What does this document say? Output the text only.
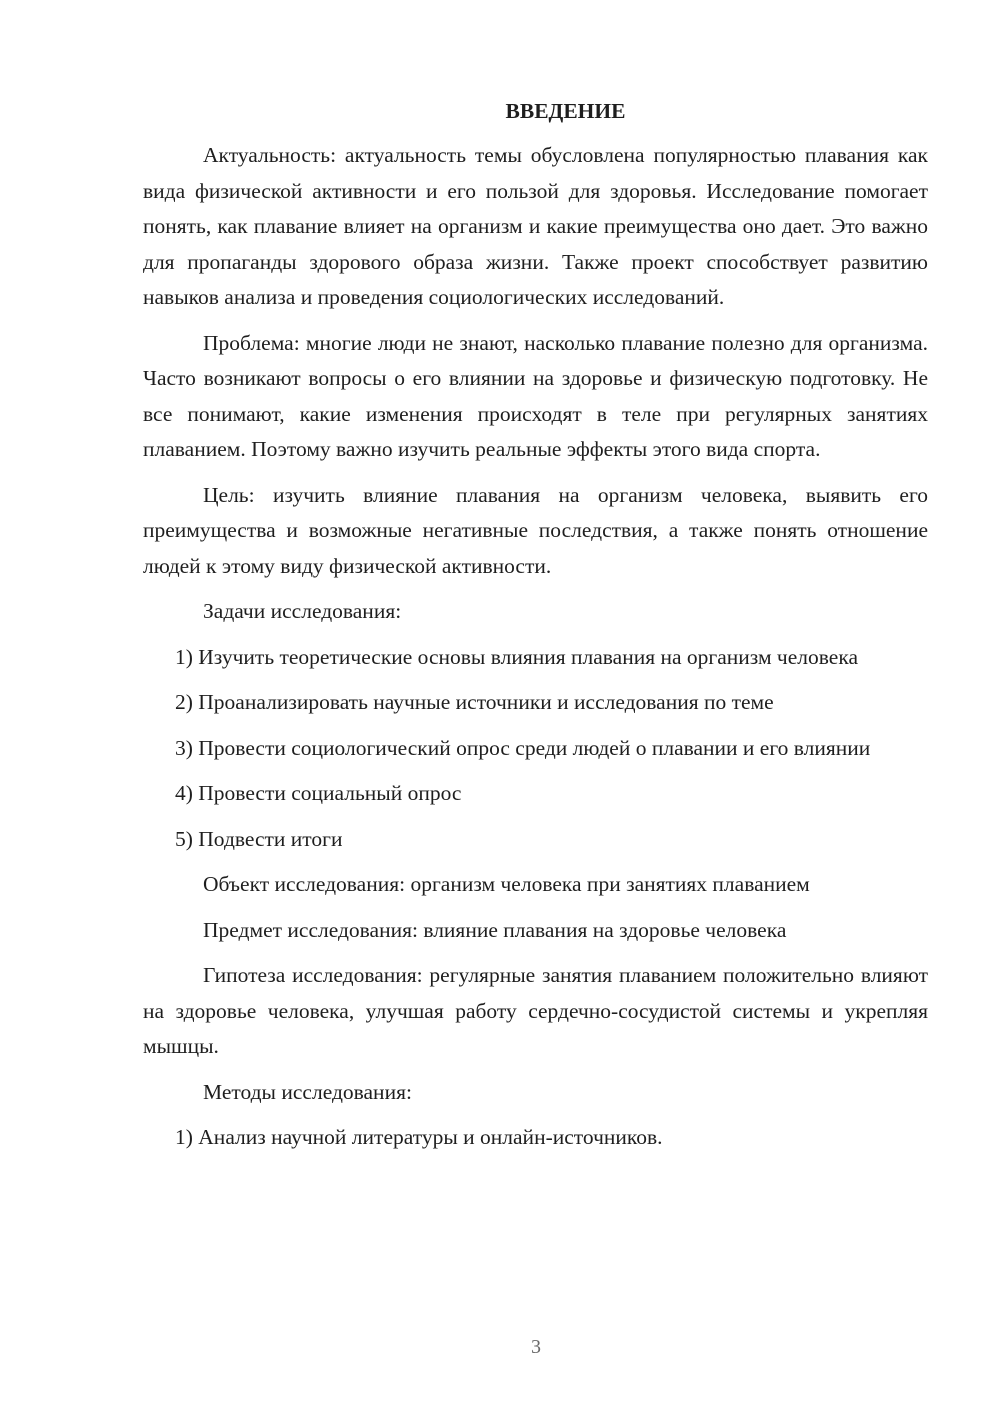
ВВЕДЕНИЕ

Актуальность: актуальность темы обусловлена популярностью плавания как вида физической активности и его пользой для здоровья. Исследование помогает понять, как плавание влияет на организм и какие преимущества оно дает. Это важно для пропаганды здорового образа жизни. Также проект способствует развитию навыков анализа и проведения социологических исследований.

Проблема: многие люди не знают, насколько плавание полезно для организма. Часто возникают вопросы о его влиянии на здоровье и физическую подготовку. Не все понимают, какие изменения происходят в теле при регулярных занятиях плаванием. Поэтому важно изучить реальные эффекты этого вида спорта.

Цель: изучить влияние плавания на организм человека, выявить его преимущества и возможные негативные последствия, а также понять отношение людей к этому виду физической активности.

Задачи исследования:

1) Изучить теоретические основы влияния плавания на организм человека

2) Проанализировать научные источники и исследования по теме

3) Провести социологический опрос среди людей о плавании и его влиянии

4) Провести социальный опрос

5) Подвести итоги

Объект исследования: организм человека при занятиях плаванием

Предмет исследования: влияние плавания на здоровье человека

Гипотеза исследования: регулярные занятия плаванием положительно влияют на здоровье человека, улучшая работу сердечно-сосудистой системы и укрепляя мышцы.

Методы исследования:

1) Анализ научной литературы и онлайн-источников.

3
